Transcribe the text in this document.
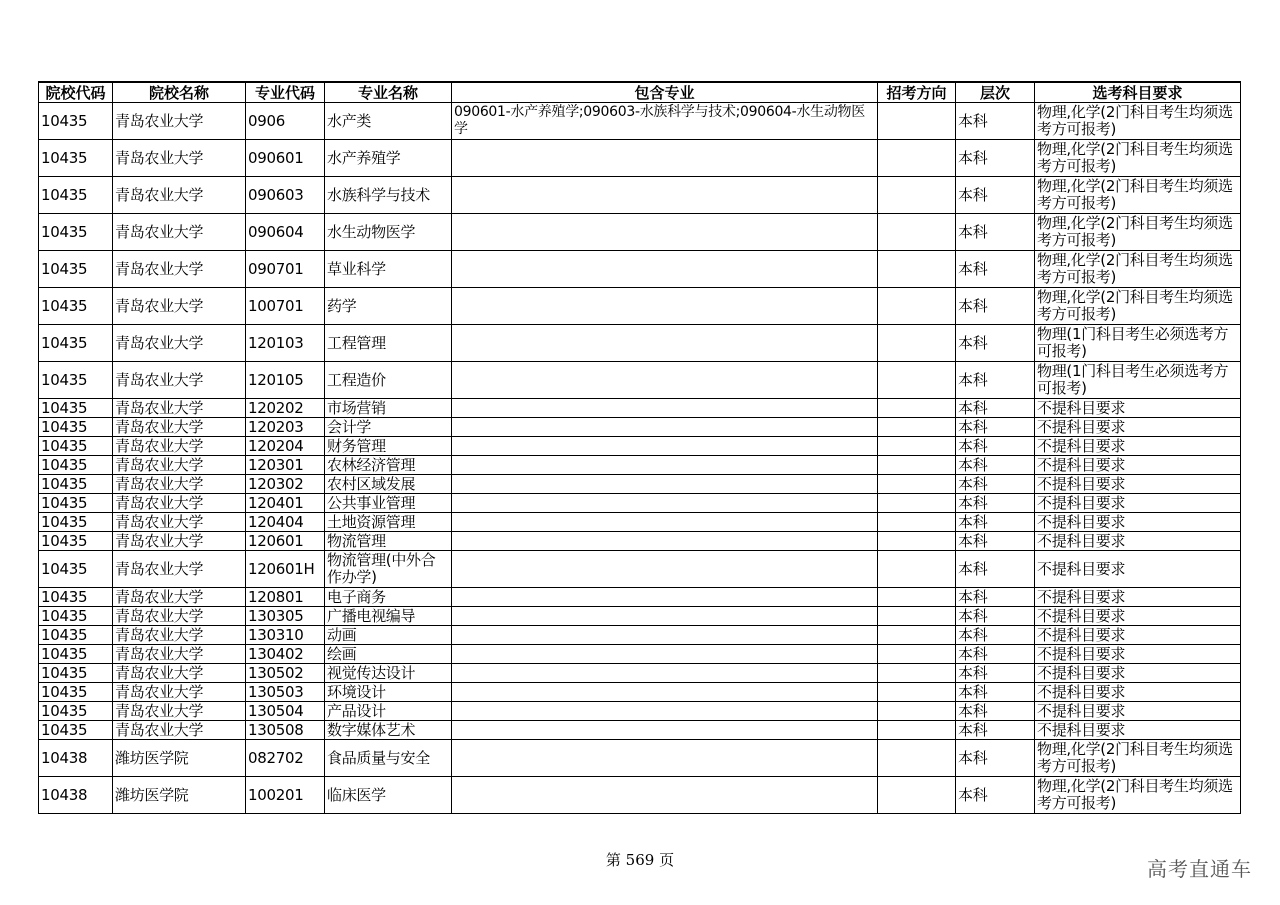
院校代码	院校名称	专业代码	专业名称	包含专业	招考方向	层次	选考科目要求
10435	青岛农业大学	0906	水产类	090601-水产养殖学;090603-水族科学与技术;090604-水生动物医学		本科	物理,化学(2门科目考生均须选考方可报考)
10435	青岛农业大学	090601	水产养殖学			本科	物理,化学(2门科目考生均须选考方可报考)
10435	青岛农业大学	090603	水族科学与技术			本科	物理,化学(2门科目考生均须选考方可报考)
10435	青岛农业大学	090604	水生动物医学			本科	物理,化学(2门科目考生均须选考方可报考)
10435	青岛农业大学	090701	草业科学			本科	物理,化学(2门科目考生均须选考方可报考)
10435	青岛农业大学	100701	药学			本科	物理,化学(2门科目考生均须选考方可报考)
10435	青岛农业大学	120103	工程管理			本科	物理(1门科目考生必须选考方可报考)
10435	青岛农业大学	120105	工程造价			本科	物理(1门科目考生必须选考方可报考)
10435	青岛农业大学	120202	市场营销			本科	不提科目要求
10435	青岛农业大学	120203	会计学			本科	不提科目要求
10435	青岛农业大学	120204	财务管理			本科	不提科目要求
10435	青岛农业大学	120301	农林经济管理			本科	不提科目要求
10435	青岛农业大学	120302	农村区域发展			本科	不提科目要求
10435	青岛农业大学	120401	公共事业管理			本科	不提科目要求
10435	青岛农业大学	120404	土地资源管理			本科	不提科目要求
10435	青岛农业大学	120601	物流管理			本科	不提科目要求
10435	青岛农业大学	120601H	物流管理(中外合作办学)			本科	不提科目要求
10435	青岛农业大学	120801	电子商务			本科	不提科目要求
10435	青岛农业大学	130305	广播电视编导			本科	不提科目要求
10435	青岛农业大学	130310	动画			本科	不提科目要求
10435	青岛农业大学	130402	绘画			本科	不提科目要求
10435	青岛农业大学	130502	视觉传达设计			本科	不提科目要求
10435	青岛农业大学	130503	环境设计			本科	不提科目要求
10435	青岛农业大学	130504	产品设计			本科	不提科目要求
10435	青岛农业大学	130508	数字媒体艺术			本科	不提科目要求
10438	潍坊医学院	082702	食品质量与安全			本科	物理,化学(2门科目考生均须选考方可报考)
10438	潍坊医学院	100201	临床医学			本科	物理,化学(2门科目考生均须选考方可报考)
第 569 页	高考直通车
